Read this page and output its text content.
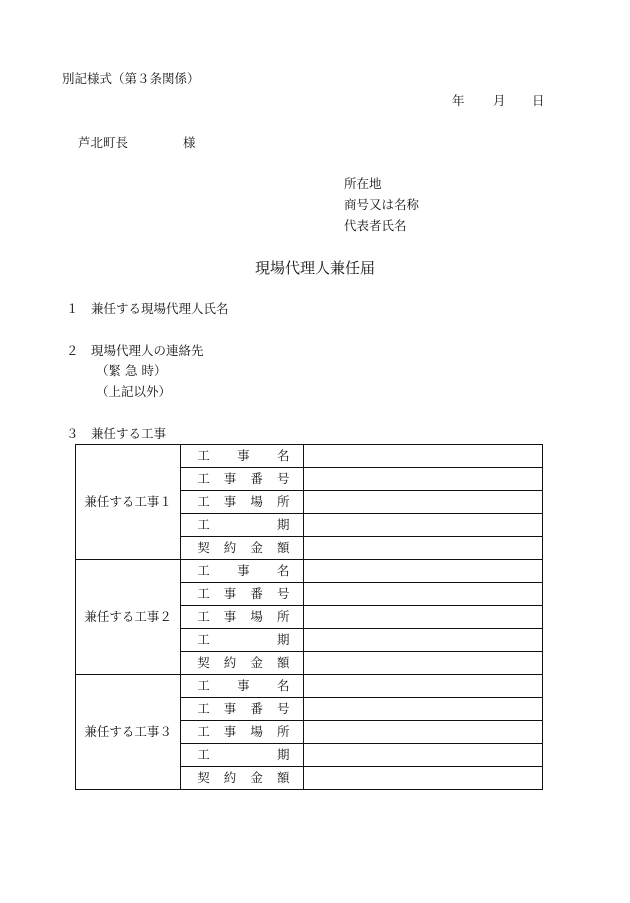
別記様式（第３条関係）
年 月 日
芦北町長	様
所在地
商号又は名称
代表者氏名
現場代理人兼任届
１ 兼任する現場代理人氏名
２ 現場代理人の連絡先
（緊 急 時）
（上記以外）
３ 兼任する工事
兼任する工事１	工事名	
	工事番号	
	工事場所	
	工期	
	契約金額	
兼任する工事２	工事名	
	工事番号	
	工事場所	
	工期	
	契約金額	
兼任する工事３	工事名	
	工事番号	
	工事場所	
	工期	
	契約金額	
